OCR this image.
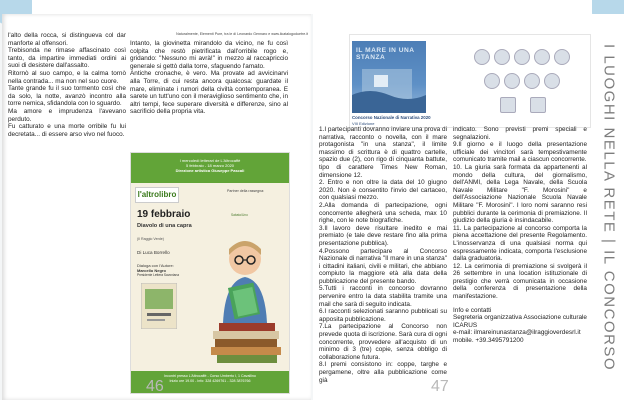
Naturalmente, Elementi Pure, tra le di Leonardo Gennaro e www.ilcatalogoduetre.it
l'alto della rocca, si distingueva col dar manforte al offensori.
Trebisonda ne rimase affascinato così tanto, da impartire immediati ordini ai suoi di desistere dall'assalto.
Ritornò al suo campo, e la calma tornò nella contrada... ma non nel suo cuore.
Tante grande fu il suo tormento così che da solo, la notte, avanzò incontro alla torre nemica, sfidandola con lo sguardo.
Ma amore e imprudenza l'avevano perduto.
Fu catturato e una morte orribile fu lui decretata... di essere arso vivo nel fuoco.
Intanto, la giovinetta mirandolo da vicino, ne fu così colpita che restò pietrificata dall'orribile rogo e, gridando: "Nessuno mi avrà!" in mezzo al raccapriccio generale si gettò dalla torre, sfaguendo l'amato.
Antiche cronache, è vero. Ma provate ad avvicinarvi alla Torre, di cui resta ancora qualcosa: guardate il mare, eliminate i rumori della civiltà contemporanea. E sarete un tutt'uno con il meraviglioso sentimento che, in altri tempi, fece superare diversità e differenze, sino al sacrificio della propria vita.
I mercoledì letterari de L'Altrocaffè
5 febbraio - 18 marzo 2020
Direzione artistica Giuseppe Pascali
l'altrolibro	Partner della rassegna:
Sabato/Uno
19 febbraio
Diavolo di una capra
(Il Raggio Verde)
Di Luca Borrello
Dialoga con l'Autore:
Marcello Negro
Presidente Lettera Savoniana
Incontri presso L'Altrocaffè - Corso Umberto I, 1 Cavallino
Inizio ore 19.00 - Info: 328 4269761 - 328 3876766
46
IL MARE IN UNA STANZA
Concorso Nazionale di Narrativa 2020
VIII Edizione
1.I partecipanti dovranno inviare una prova di narrativa, racconto o novella, con il mare protagonista "in una stanza", il limite massimo di scrittura è di quattro cartelle, spazio due (2), con rigo di cinquanta battute, tipo di carattere Times New Roman, dimensione 12.
2. Entro e non oltre la data del 10 giugno 2020. Non è consentito l'invio del cartaceo, con qualsiasi mezzo.
2.Alla domanda di partecipazione, ogni concorrente allegherà una scheda, max 10 righe, con le note biografiche.
3.Il lavoro deve risultare inedito e mai premiato (e tale deve restare fino alla prima presentazione pubblica).
4.Possono partecipare al Concorso Nazionale di narrativa "Il mare in una stanza" i cittadini italiani, civili e militari, che abbiano compiuto la maggiore età alla data della pubblicazione del presente bando.
5.Tutti i racconti in concorso dovranno pervenire entro la data stabilita tramite una mail che sarà di seguito indicata.
6.I racconti selezionati saranno pubblicati su apposita pubblicazione.
7.La partecipazione al Concorso non prevede quota di iscrizione. Sarà cura di ogni concorrente, provvedere all'acquisto di un minimo di 3 (tre) copie, senza obbligo di collaborazione futura.
8.I premi consistono in: coppe, targhe e pergamene, oltre alla pubblicazione come già
indicato. Sono previsti premi speciali e segnalazioni.
9.Il giorno e il luogo della presentazione ufficiale dei vincitori sarà tempestivamente comunicato tramite mail a ciascun concorrente.
10. La giuria sarà formata da appartenenti al mondo della cultura, del giornalismo, dell'ANMI, della Lega Navale, della Scuola Navale Militare "F. Morosini" e dell'Associazione Nazionale Scuola Navale Militare "F. Morosini". I loro nomi saranno resi pubblici durante la cerimonia di premiazione. Il giudizio della giuria è insindacabile.
11. La partecipazione al concorso comporta la piena accettazione del presente Regolamento. L'inosservanza di una qualsiasi norma qui espressamente indicata, comporta l'esclusione dalla graduatoria.
12. La cerimonia di premiazione si svolgerà il 26 settembre in una location istituzionale di prestigio che verrà comunicata in occasione della conferenza di presentazione della manifestazione.
Info e contatti
Segreteria organizzativa Associazione culturale ICARUS
e-mail: ilmareinunastanza@ilraggioverdesrl.it
mobile. +39.3495791200	I LUOGHI NELLA RETE | IL CONCORSO
47
